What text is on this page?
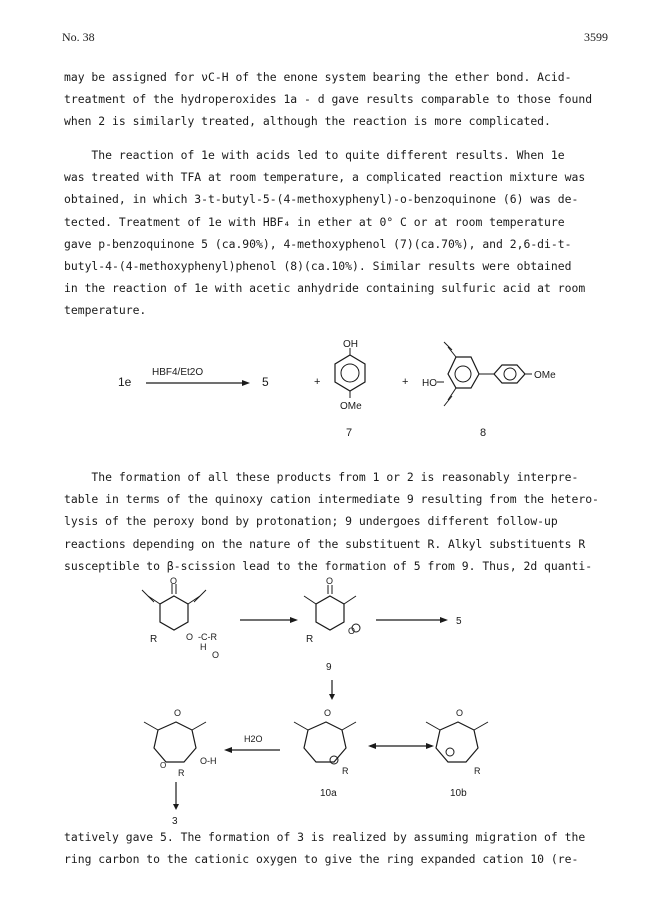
No. 38	3599

may be assigned for νC-H of the enone system bearing the ether bond. Acid-

treatment of the hydroperoxides 1a - d gave results comparable to those found

when 2 is similarly treated, although the reaction is more complicated.

The reaction of 1e with acids led to quite different results. When 1e

was treated with TFA at room temperature, a complicated reaction mixture was

obtained, in which 3-t-butyl-5-(4-methoxyphenyl)-o-benzoquinone (6) was de-

tected. Treatment of 1e with HBF₄ in ether at 0° C or at room temperature

gave p-benzoquinone 5 (ca.90%), 4-methoxyphenol (7)(ca.70%), and 2,6-di-t-

butyl-4-(4-methoxyphenyl)phenol (8)(ca.10%). Similar results were obtained

in the reaction of 1e with acetic anhydride containing sulfuric acid at room

temperature.

1e
HBF4/Et2O
5	+
OH
OMe
7
+ HO
OMe
8

The formation of all these products from 1 or 2 is reasonably interpre-

table in terms of the quinoxy cation intermediate 9 resulting from the hetero-

lysis of the peroxy bond by protonation; 9 undergoes different follow-up

reactions depending on the nature of the substituent R. Alkyl substituents R

susceptible to β-scission lead to the formation of 5 from 9. Thus, 2d quanti-

O
R	O -C-R
H
O
O
R
O
9
5
O
O
R
O-H
H2O
O
R
10a
O
R
10b
3

tatively gave 5. The formation of 3 is realized by assuming migration of the

ring carbon to the cationic oxygen to give the ring expanded cation 10 (re-
